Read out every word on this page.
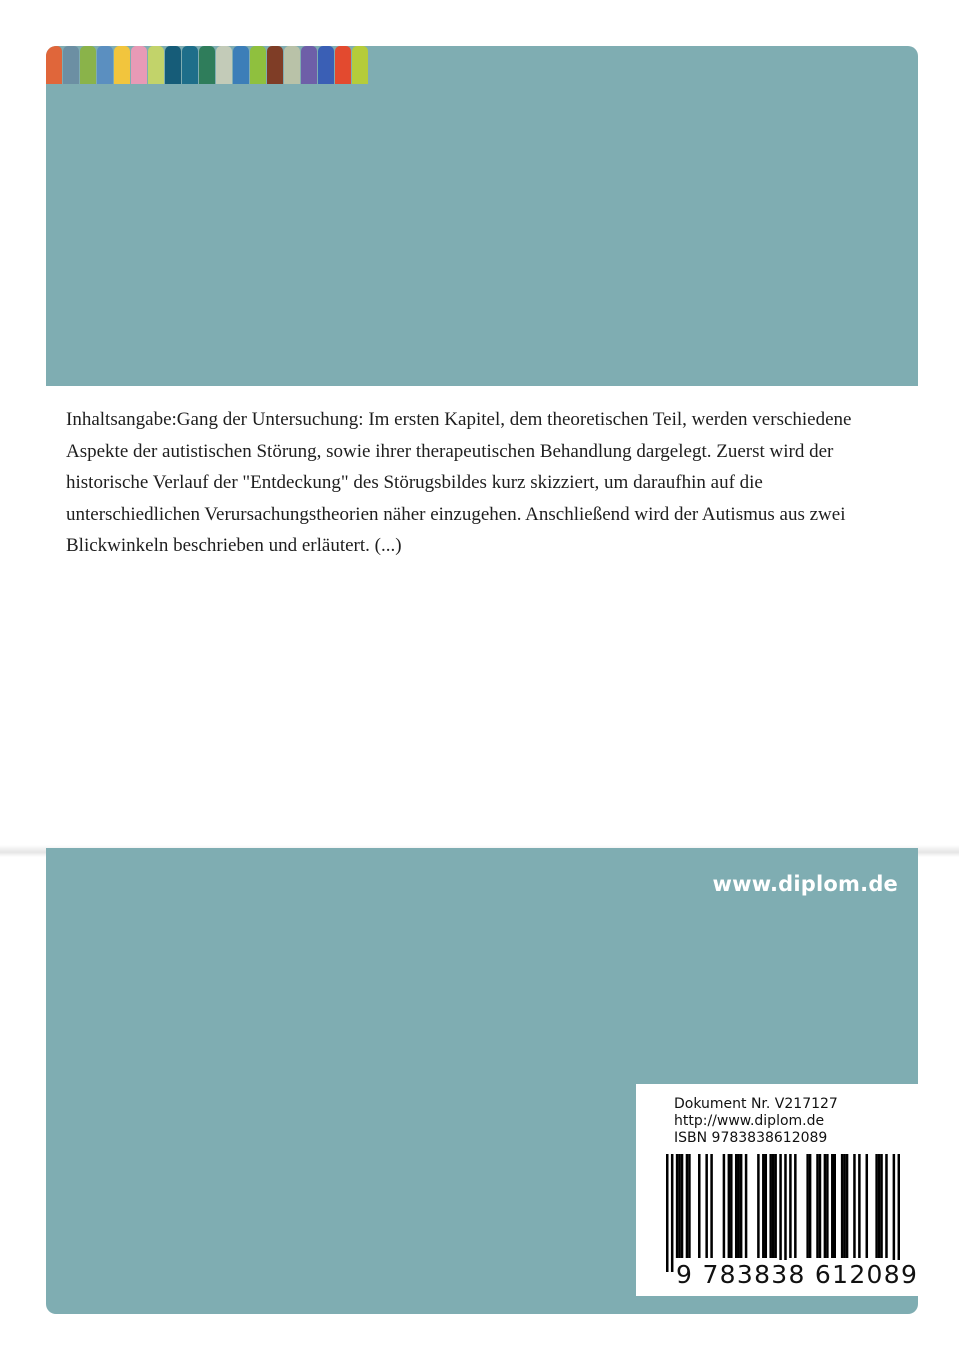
Inhaltsangabe:Gang der Untersuchung: Im ersten Kapitel, dem theoretischen Teil, werden verschiedene Aspekte der autistischen Störung, sowie ihrer therapeutischen Behandlung dargelegt. Zuerst wird der historische Verlauf der "Entdeckung" des Störugsbildes kurz skizziert, um daraufhin auf die unterschiedlichen Verursachungstheorien näher einzugehen. Anschließend wird der Autismus aus zwei Blickwinkeln beschrieben und erläutert. (...)

www.diplom.de
Dokument Nr. V217127
http://www.diplom.de
ISBN 9783838612089
9 783838 612089
